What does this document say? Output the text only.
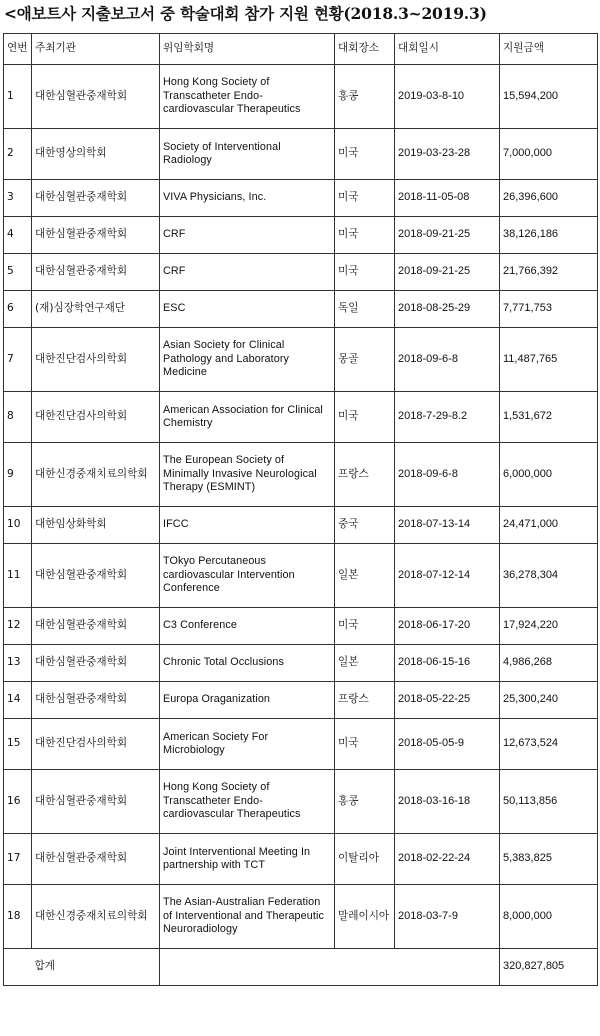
<애보트사 지출보고서 중 학술대회 참가 지원 현황(2018.3~2019.3)
연번	주최기관	위임학회명	대회장소	대회일시	지원금액
1	대한심혈관중재학회	Hong Kong Society of Transcatheter Endo-cardiovascular Therapeutics	홍콩	2019-03-8-10	15,594,200
2	대한영상의학회	Society of Interventional Radiology	미국	2019-03-23-28	7,000,000
3	대한심혈관중재학회	VIVA Physicians, Inc.	미국	2018-11-05-08	26,396,600
4	대한심혈관중재학회	CRF	미국	2018-09-21-25	38,126,186
5	대한심혈관중재학회	CRF	미국	2018-09-21-25	21,766,392
6	(재)심장학연구재단	ESC	독일	2018-08-25-29	7,771,753
7	대한진단검사의학회	Asian Society for Clinical Pathology and Laboratory Medicine	몽골	2018-09-6-8	11,487,765
8	대한진단검사의학회	American Association for Clinical Chemistry	미국	2018-7-29-8.2	1,531,672
9	대한신경중재치료의학회	The European Society of Minimally Invasive Neurological Therapy (ESMINT)	프랑스	2018-09-6-8	6,000,000
10	대한임상화학회	IFCC	중국	2018-07-13-14	24,471,000
11	대한심혈관중재학회	TOkyo Percutaneous cardiovascular Intervention Conference	일본	2018-07-12-14	36,278,304
12	대한심혈관중재학회	C3 Conference	미국	2018-06-17-20	17,924,220
13	대한심혈관중재학회	Chronic Total Occlusions	일본	2018-06-15-16	4,986,268
14	대한심혈관중재학회	Europa Oraganization	프랑스	2018-05-22-25	25,300,240
15	대한진단검사의학회	American Society For Microbiology	미국	2018-05-05-9	12,673,524
16	대한심혈관중재학회	Hong Kong Society of Transcatheter Endo-cardiovascular Therapeutics	홍콩	2018-03-16-18	50,113,856
17	대한심혈관중재학회	Joint Interventional Meeting In partnership with TCT	이탈리아	2018-02-22-24	5,383,825
18	대한신경중재치료의학회	The Asian-Australian Federation of Interventional and Therapeutic Neuroradiology	말레이시아	2018-03-7-9	8,000,000
	합계				320,827,805
